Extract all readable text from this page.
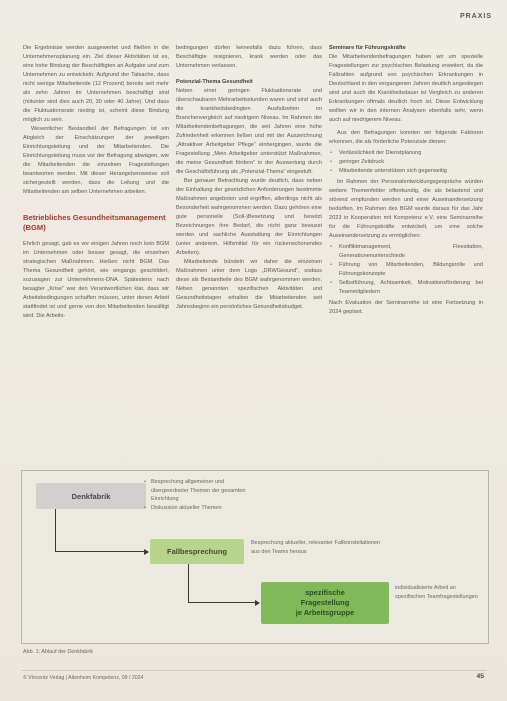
PRAXIS

Die Ergebnisse werden ausgewertet und fließen in die Unternehmensplanung ein. Ziel dieser Aktivitäten ist es, eine hohe Bindung der Beschäftigten an Aufgabe und zum Unternehmen zu entwickeln. Aufgrund der Tatsache, dass nicht wenige Mitarbeitende (12 Prozent) bereits seit mehr als zehn Jahren im Unternehmen beschäftigt sind (mitunter sind dies auch 20, 30 oder 40 Jahre). Und dass die Fluktuationsrate niedrig ist, scheint diese Bindung möglich zu sein.

Wesentlicher Bestandteil der Befragungen ist ein Abgleich der Einschätzungen der jeweiligen Einrichtungsleitung und der Mitarbeitenden. Die Einrichtungsleitung muss vor der Befragung abwägen, wie die Mitarbeitenden die einzelnen Fragestellungen beantworten werden. Mit dieser Herangehensweise soll sichergestellt werden, dass die Leitung und die Mitarbeitenden am selben Unternehmen arbeiten.

Betriebliches Gesundheitsmanagement (BGM)

Ehrlich gesagt, gab es vor einigen Jahren noch kein BGM im Unternehmen oder besser gesagt, die einzelnen strategischen Maßnahmen. Hießen nicht BGM. Das Thema Gesundheit gehört, wie eingangs geschildert, sozusagen zur Unternehmens-DNA. Spätestens nach besagter „Krise“ war den Verantwortlichen klar, dass wir Arbeitsbedingungen schaffen müssen, unter denen Arbeit stattfindet ist und gerne von den Mitarbeitenden bewältigt wird. Die Arbeits-

bedingungen dürfen keinesfalls dazu führen, dass Beschäftigte resignieren, krank werden oder das Unternehmen verlassen.

Potenzial-Thema Gesundheit

Neben einer geringen Fluktuationsrate und überschaubaren Mehrarbeitsstunden waren und sind auch die krankheitsbedingten Ausfallzeiten im Branchenvergleich auf niedrigem Niveau. Im Rahmen der Mitarbeitendenbefragungen, die seit Jahren eine hohe Zufriedenheit erkennen ließen und mit der Auszeichnung „Attraktiver Arbeitgeber Pflege“ einhergingen, wurde die Fragestellung „Mein Arbeitgeber unterstützt Maßnahmen, die meine Gesundheit fördern“ in der Auswertung durch die Geschäftsführung als „Potenzial-Thema“ eingestuft.

Bei genauer Betrachtung wurde deutlich, dass neben der Einhaltung der gesetzlichen Anforderungen bestimmte Maßnahmen angeboten und ergriffen, allerdings nicht als Besonderheit wahrgenommen werden. Dazu gehören eine gute personelle (Soll-)Besetzung und besetzt Bezeichnungen ihre Bedarf, die nicht ganz bewusst werden und sachliche Ausstattung der Einrichtungen (unter anderem, Hilfsmittel für ein rückenschonendes Arbeiten).

Mitarbeitende bündeln wir daher die einzelnen Maßnahmen unter dem Logo „DRWGesund“, sodass diese als Bestandteile des BGM wahrgenommen werden. Neben genannten spezifischen Aktivitäten und Gesundheitstagen erhalten die Mitarbeitenden seit Jahresbeginn ein persönliches Gesundheitsbudget.

Seminare für Führungskräfte

Die Mitarbeitendenbefragungen haben wir um spezielle Fragestellungen zur psychischen Belastung erweitert, da die Fallzahlen aufgrund von psychischen Erkrankungen in Deutschland in den vergangenen Jahren deutlich angestiegen sind und auch die Krankheitsdauer ist Vergleich zu anderen Erkrankungen oftmals deutlich hoch ist. Diese Entwicklung wollten wir in den internen Analysen ebenfalls sehr, wenn auch auf niedrigerem Niveau.

Aus den Befragungen konnten wir folgende Faktoren erkennen, die als förderliche Potenziale dienen:

• Verlässlichkeit der Dienstplanung
• geringer Zeitdruck
• Mitarbeitende unterstützen sich gegenseitig

Im Rahmen der Personalentwicklungsgespräche wurden weitere Themenfelder offenkundig, die als belastend und störend empfunden werden und einer Auseinandersetzung bedürften. Im Rahmen des BGM wurde daraus für das Jahr 2023 in Kooperation mit Kompetenz e.V. eine Seminarreihe für die Führungskräfte entwickelt, um eine solche Auseinandersetzung zu ermöglichen:

• Konfliktmanagement, Fleesitation, Generationenunterschiede
• Führung von Mitarbeitenden, Bildungsrolle und Führungskonzepte
• Selbstführung, Achtsamkeit, Motivationsförderung bei Teammitgliedern

Nach Evaluation der Seminarreihe ist eine Fortsetzung in 2024 geplant.

Denkfabrik
• Besprechung allgemeiner und übergeordneter Themen der gesamten Einrichtung
• Diskussion aktueller Themen
Fallbesprechung
Besprechung aktueller, relevanter Fallkonstellationen aus den Teams heraus
spezifische
Fragestellung
je Arbeitsgruppe
individualisierte Arbeit an spezifischen Teamfragestellungen
Abb. 1: Ablauf der Denkfabrik
© Vincentz Verlag | Altenheim Kompetenz, 09 / 2024	45
